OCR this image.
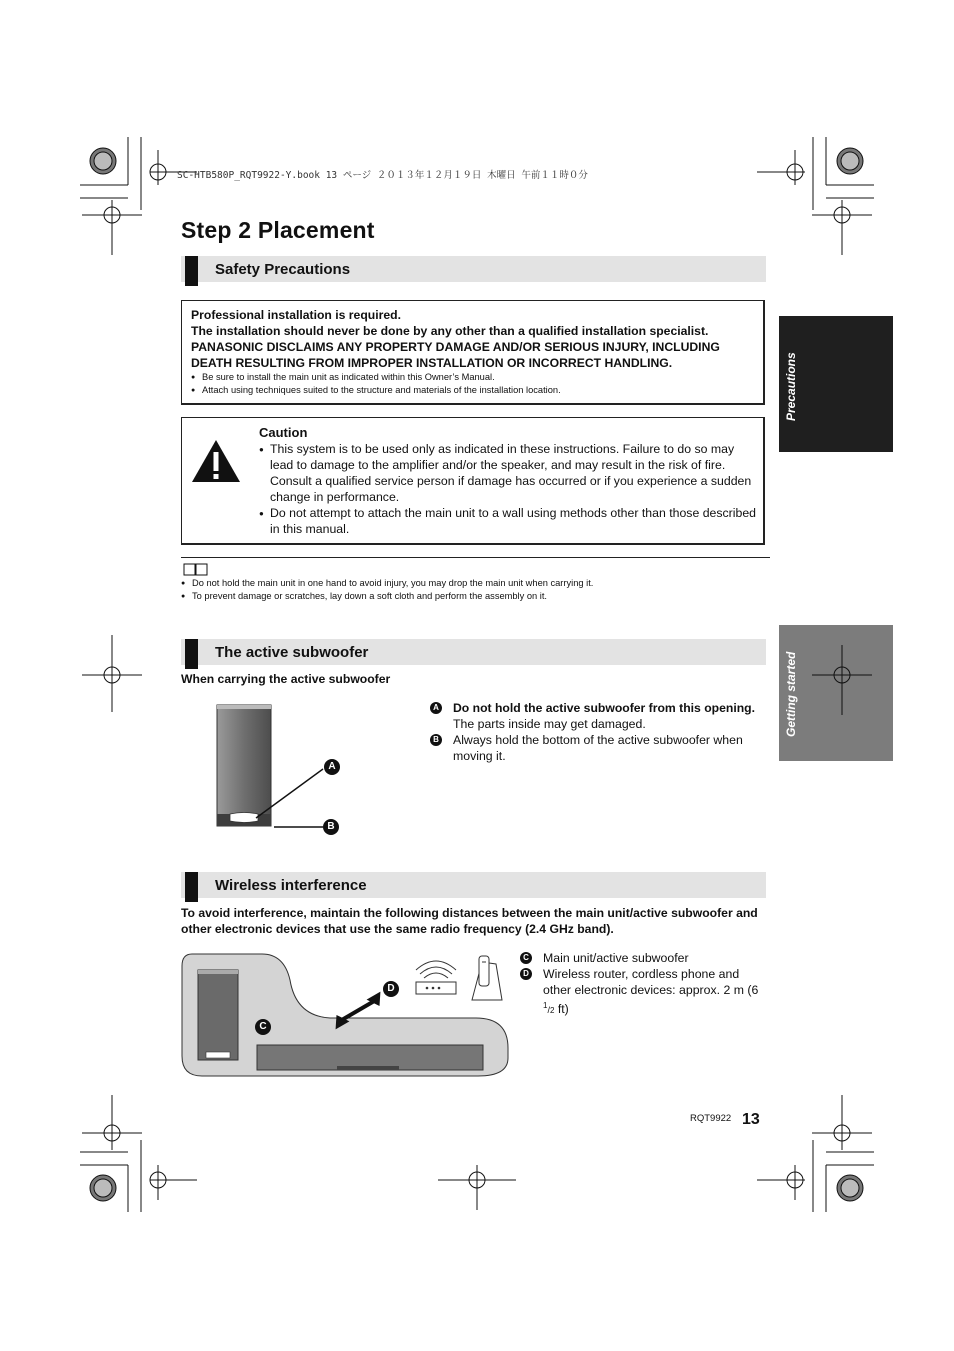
SC-HTB580P_RQT9922-Y.book 13 ページ ２０１３年１２月１９日 木曜日 午前１１時０分
Step 2 Placement
Safety Precautions
Professional installation is required.
The installation should never be done by any other than a qualified installation specialist.
PANASONIC DISCLAIMS ANY PROPERTY DAMAGE AND/OR SERIOUS INJURY, INCLUDING DEATH RESULTING FROM IMPROPER INSTALLATION OR INCORRECT HANDLING.
● Be sure to install the main unit as indicated within this Owner’s Manual.
● Attach using techniques suited to the structure and materials of the installation location.
Caution
● This system is to be used only as indicated in these instructions. Failure to do so may lead to damage to the amplifier and/or the speaker, and may result in the risk of fire. Consult a qualified service person if damage has occurred or if you experience a sudden change in performance.
● Do not attempt to attach the main unit to a wall using methods other than those described in this manual.
● Do not hold the main unit in one hand to avoid injury, you may drop the main unit when carrying it.
● To prevent damage or scratches, lay down a soft cloth and perform the assembly on it.
The active subwoofer
When carrying the active subwoofer
A
B
A Do not hold the active subwoofer from this opening.
The parts inside may get damaged.
B Always hold the bottom of the active subwoofer when moving it.
Wireless interference
To avoid interference, maintain the following distances between the main unit/active subwoofer and other electronic devices that use the same radio frequency (2.4 GHz band).
C
D
C Main unit/active subwoofer
D Wireless router, cordless phone and other electronic devices: approx. 2 m (6 $^1$/2 ft)
Precautions
Getting started
RQT9922 13
